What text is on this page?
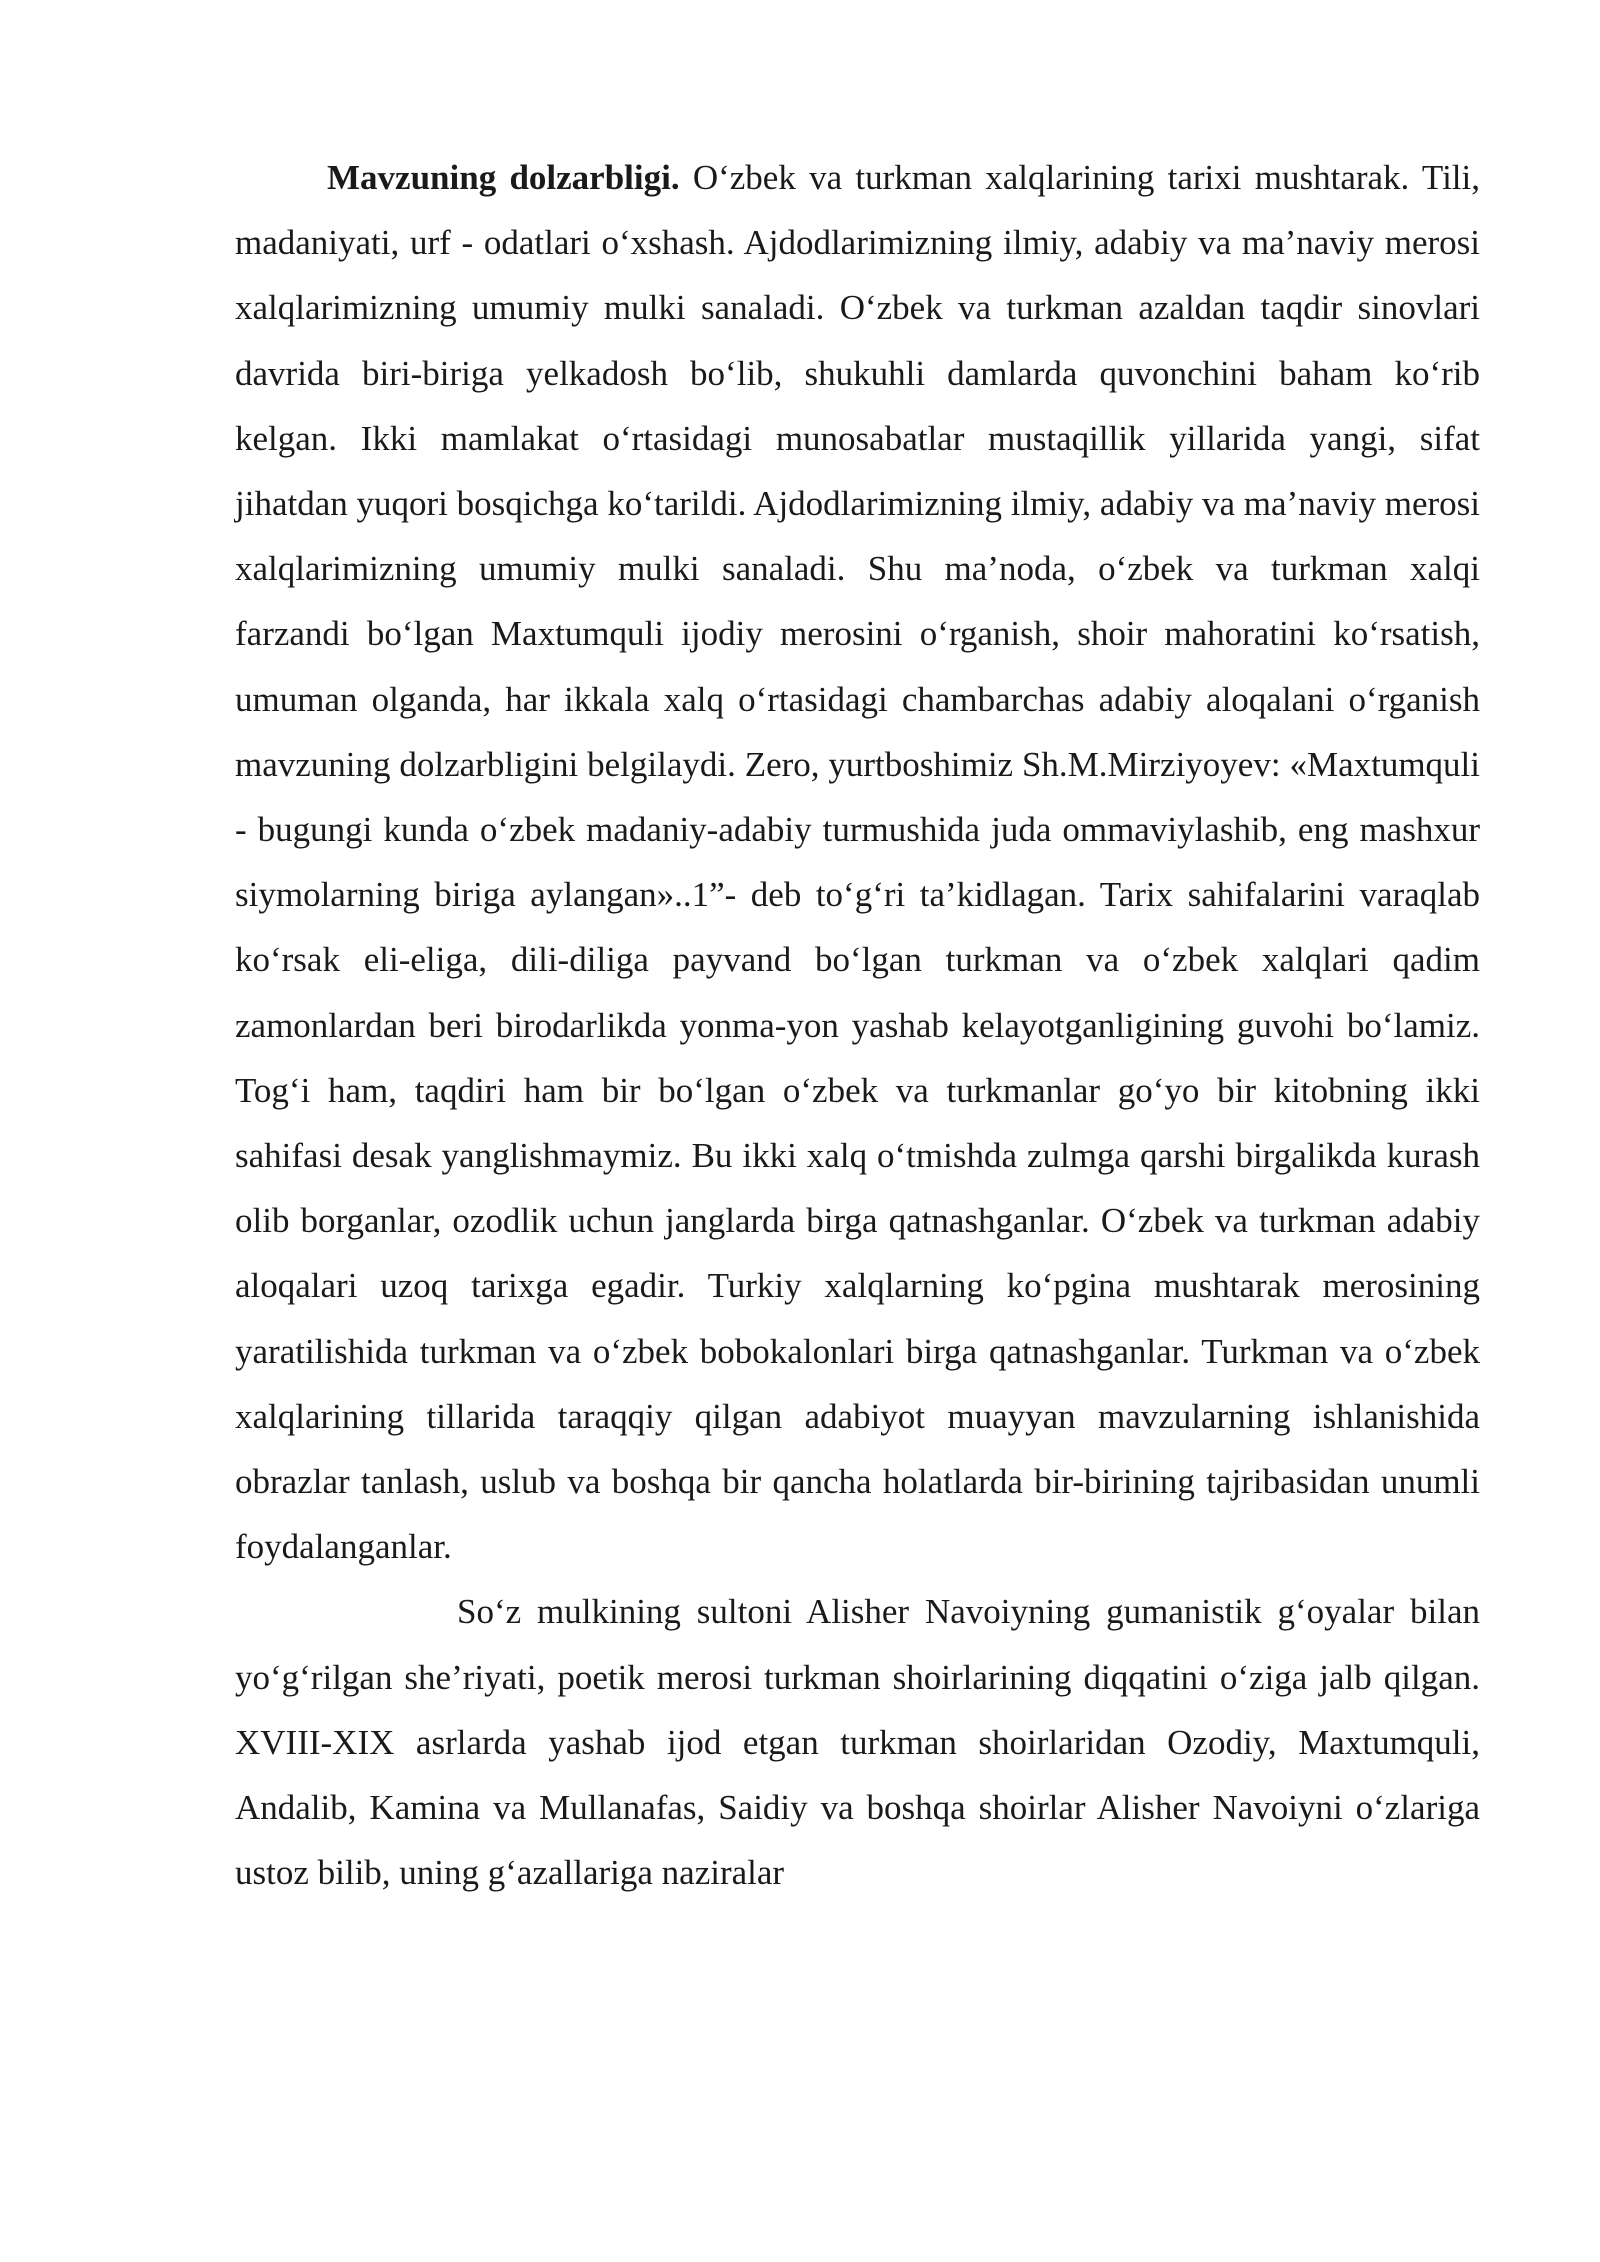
Mavzuning dolzarbligi. O‘zbek va turkman xalqlarining tarixi mushtarak. Tili, madaniyati, urf - odatlari o‘xshash. Ajdodlarimizning ilmiy, adabiy va ma’naviy merosi xalqlarimizning umumiy mulki sanaladi. O‘zbek va turkman azaldan taqdir sinovlari davrida biri-biriga yelkadosh bo‘lib, shukuhli damlarda quvonchini baham ko‘rib kelgan. Ikki mamlakat o‘rtasidagi munosabatlar mustaqillik yillarida yangi, sifat jihatdan yuqori bosqichga ko‘tarildi. Ajdodlarimizning ilmiy, adabiy va ma’naviy merosi xalqlarimizning umumiy mulki sanaladi. Shu ma’noda, o‘zbek va turkman xalqi farzandi bo‘lgan Maxtumquli ijodiy merosini o‘rganish, shoir mahoratini ko‘rsatish, umuman olganda, har ikkala xalq o‘rtasidagi chambarchas adabiy aloqalani o‘rganish mavzuning dolzarbligini belgilaydi. Zero, yurtboshimiz Sh.M.Mirziyoyev: «Maxtumquli - bugungi kunda o‘zbek madaniy-adabiy turmushida juda ommaviylashib, eng mashxur siymolarning biriga aylangan»..1”- deb to‘g‘ri ta’kidlagan. Tarix sahifalarini varaqlab ko‘rsak eli-eliga, dili-diliga payvand bo‘lgan turkman va o‘zbek xalqlari qadim zamonlardan beri birodarlikda yonma-yon yashab kelayotganligining guvohi bo‘lamiz. Tog‘i ham, taqdiri ham bir bo‘lgan o‘zbek va turkmanlar go‘yo bir kitobning ikki sahifasi desak yanglishmaymiz. Bu ikki xalq o‘tmishda zulmga qarshi birgalikda kurash olib borganlar, ozodlik uchun janglarda birga qatnashganlar. O‘zbek va turkman adabiy aloqalari uzoq tarixga egadir. Turkiy xalqlarning ko‘pgina mushtarak merosining yaratilishida turkman va o‘zbek bobokalonlari birga qatnashganlar. Turkman va o‘zbek xalqlarining tillarida taraqqiy qilgan adabiyot muayyan mavzularning ishlanishida obrazlar tanlash, uslub va boshqa bir qancha holatlarda bir-birining tajribasidan unumli foydalanganlar.

So‘z mulkining sultoni Alisher Navoiyning gumanistik g‘oyalar bilan yo‘g‘rilgan she’riyati, poetik merosi turkman shoirlarining diqqatini o‘ziga jalb qilgan. XVIII-XIX asrlarda yashab ijod etgan turkman shoirlaridan Ozodiy, Maxtumquli, Andalib, Kamina va Mullanafas, Saidiy va boshqa shoirlar Alisher Navoiyni o‘zlariga ustoz bilib, uning g‘azallariga naziralar
